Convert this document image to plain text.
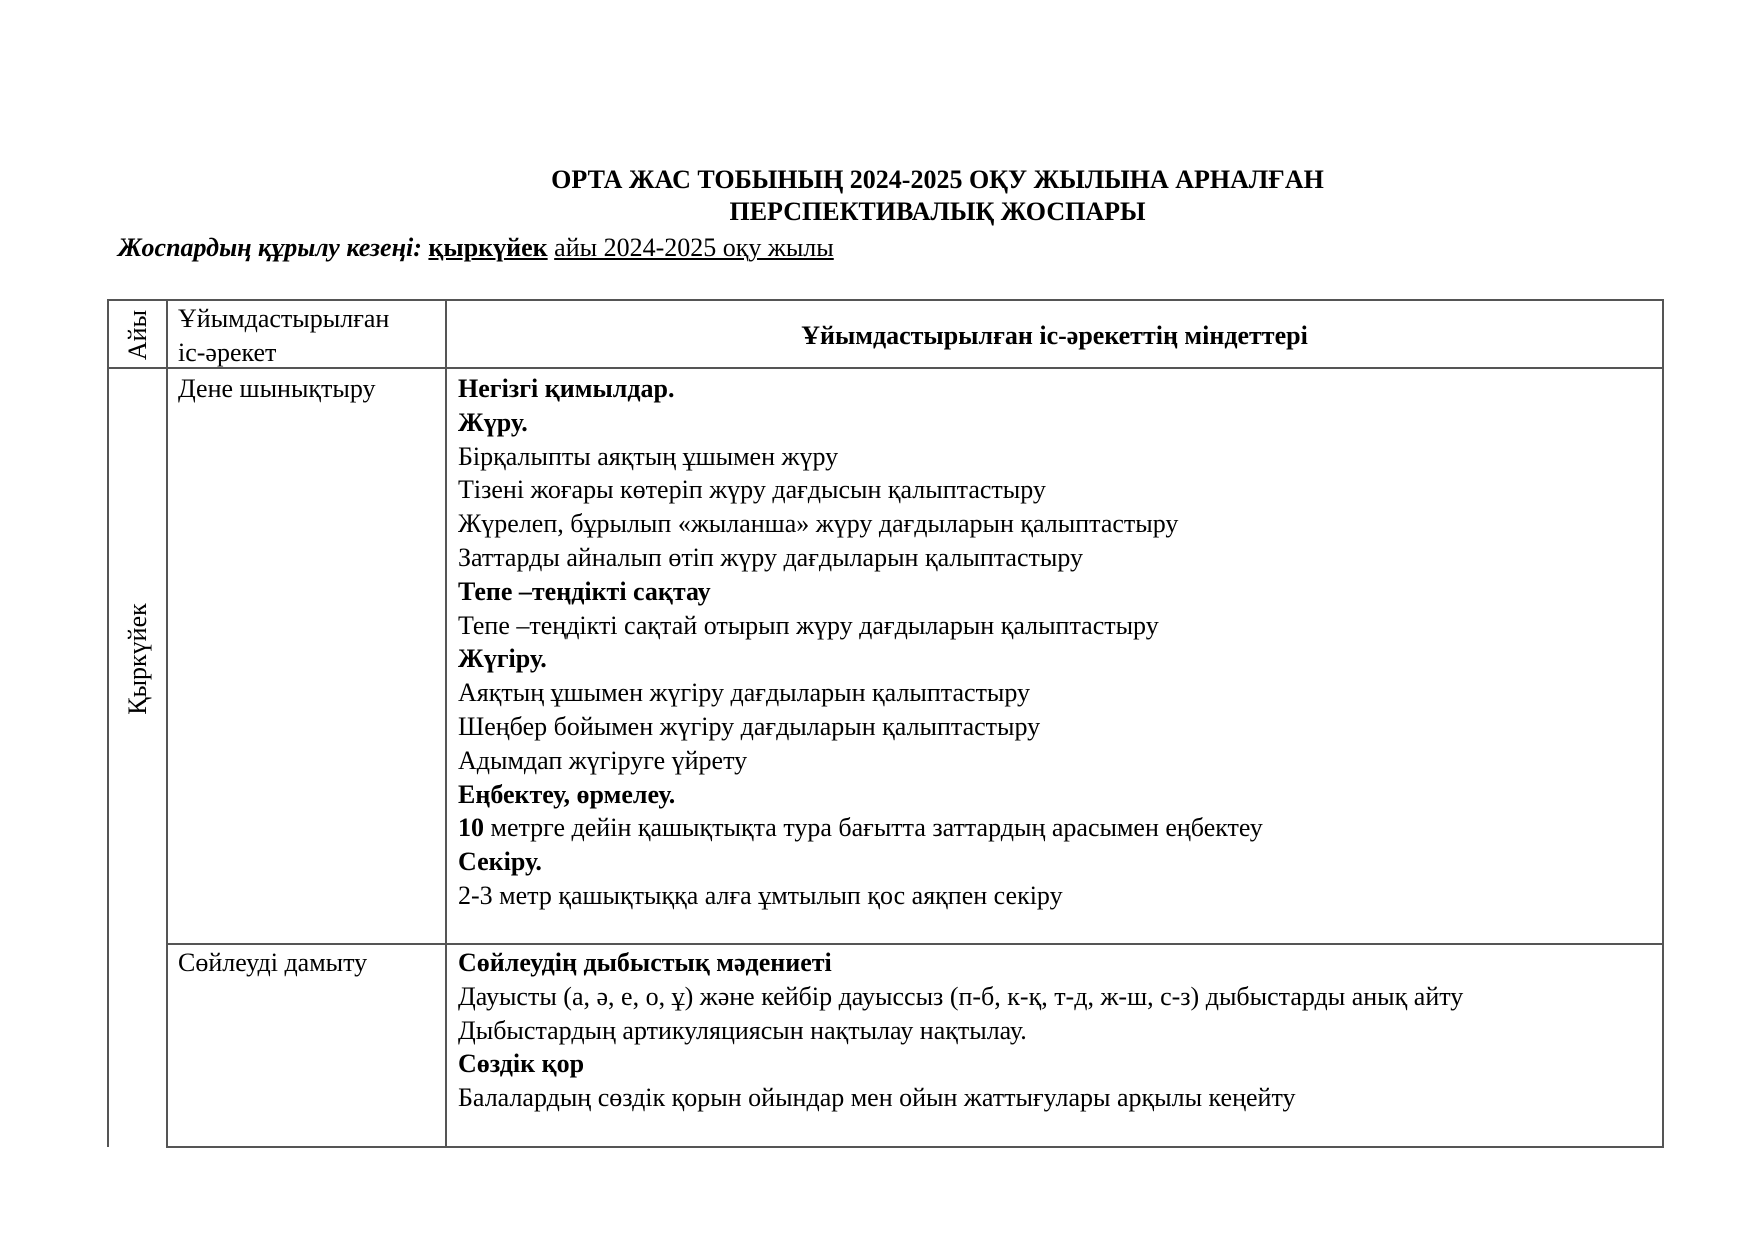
ОРТА ЖАС ТОБЫНЫҢ 2024-2025 ОҚУ ЖЫЛЫНА АРНАЛҒАН
ПЕРСПЕКТИВАЛЫҚ ЖОСПАРЫ
Жоспардың құрылу кезеңі: қыркүйек айы 2024-2025 оқу жылы
Айы Ұйымдастырылған
іс-әрекет
Ұйымдастырылған іс-әрекеттің міндеттері
Қыркүйек
Дене шынықтыру	Негізгі қимылдар.
Жүру.
Бірқалыпты аяқтың ұшымен жүру
Тізені жоғары көтеріп жүру дағдысын қалыптастыру
Жүрелеп, бұрылып «жыланша» жүру дағдыларын қалыптастыру
Заттарды айналып өтіп жүру дағдыларын қалыптастыру
Тепе –теңдікті сақтау
Тепе –теңдікті сақтай отырып жүру дағдыларын қалыптастыру
Жүгіру.
Аяқтың ұшымен жүгіру дағдыларын қалыптастыру
Шеңбер бойымен жүгіру дағдыларын қалыптастыру
Адымдап жүгіруге үйрету
Еңбектеу, өрмелеу.
10 метрге дейін қашықтықта тура бағытта заттардың арасымен еңбектеу
Секіру.
2-3 метр қашықтыққа алға ұмтылып қос аяқпен секіру
Сөйлеуді дамыту	Сөйлеудің дыбыстық мәдениеті
Дауысты (а, ә, е, о, ұ) және кейбір дауыссыз (п-б, к-қ, т-д, ж-ш, с-з) дыбыстарды анық айту
Дыбыстардың артикуляциясын нақтылау нақтылау.
Сөздік қор
Балалардың сөздік қорын ойындар мен ойын жаттығулары арқылы кеңейту
